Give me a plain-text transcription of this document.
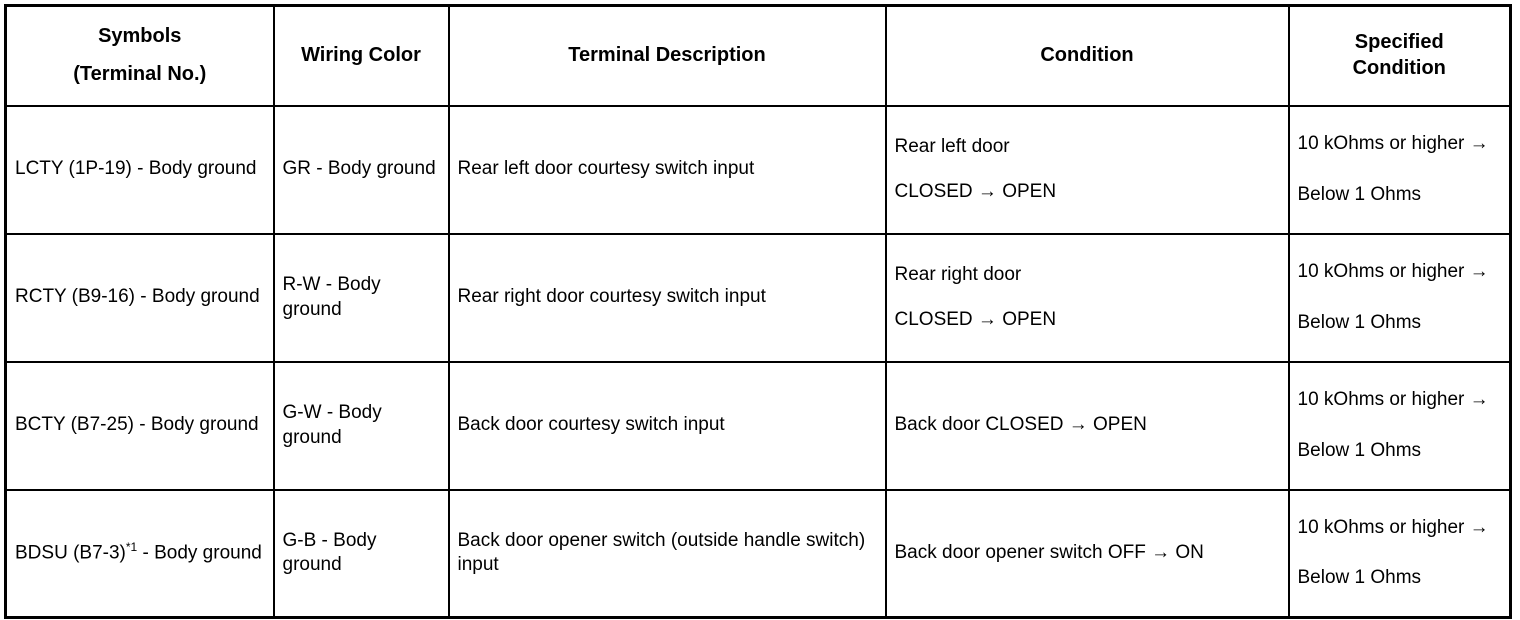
Symbols
(Terminal No.)	Wiring Color	Terminal Description	Condition	Specified
Condition

LCTY (1P-19) - Body ground	GR - Body ground	Rear left door courtesy switch input	Rear left door
CLOSED → OPEN	10 kOhms or higher →
Below 1 Ohms

RCTY (B9-16) - Body ground	R-W - Body ground	Rear right door courtesy switch input	Rear right door
CLOSED → OPEN	10 kOhms or higher →
Below 1 Ohms

BCTY (B7-25) - Body ground	G-W - Body ground	Back door courtesy switch input	Back door CLOSED → OPEN	10 kOhms or higher →
Below 1 Ohms

BDSU $(B7-3)^{*1}$ - Body ground	G-B - Body ground	Back door opener switch (outside handle switch) input	Back door opener switch OFF → ON	10 kOhms or higher →
Below 1 Ohms
